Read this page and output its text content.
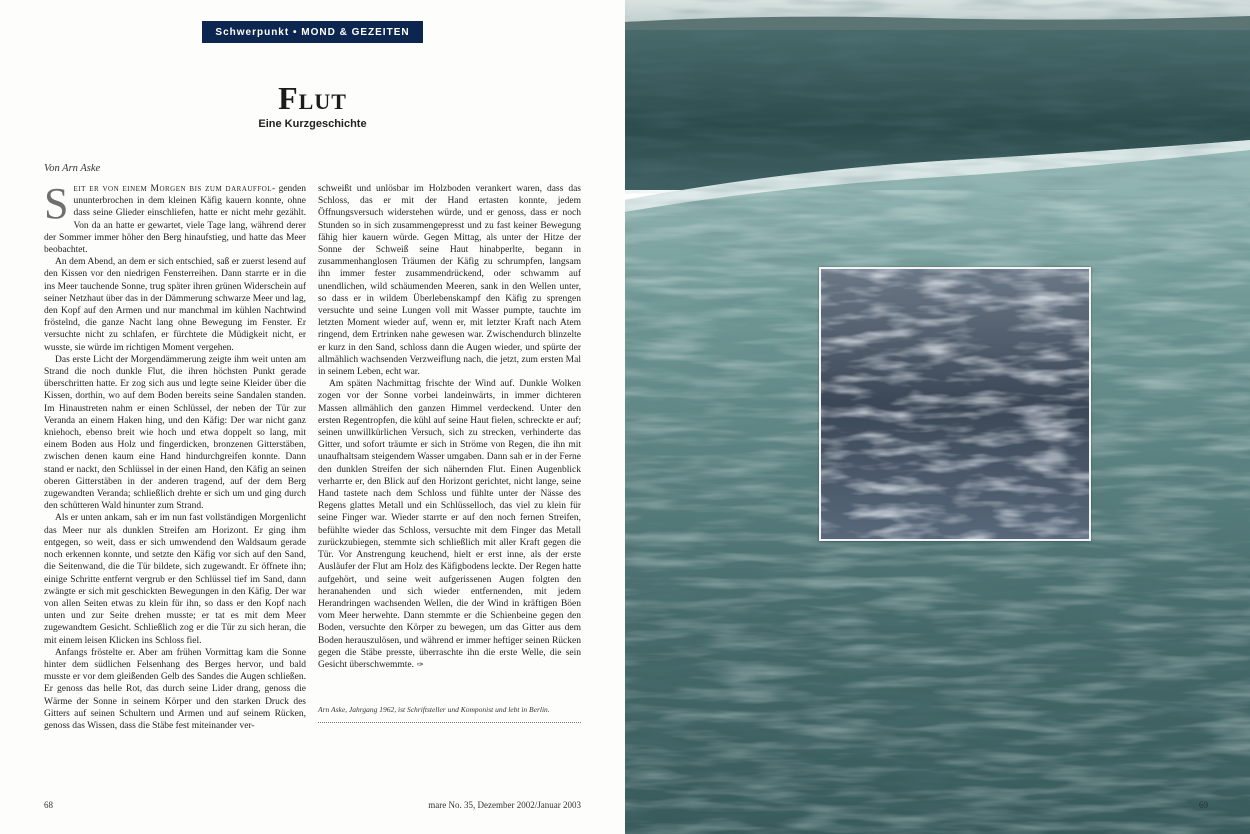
Schwerpunkt • MOND & GEZEITEN
Flut
Eine Kurzgeschichte
Von Arn Aske

Seit er von einem Morgen bis zum darauffol- genden ununterbrochen in dem kleinen Käfig kauern konnte, ohne dass seine Glieder einschliefen, hatte er nicht mehr gezählt. Von da an hatte er gewartet, viele Tage lang, während derer der Sommer immer höher den Berg hinaufstieg, und hatte das Meer beobachtet.

An dem Abend, an dem er sich entschied, saß er zuerst lesend auf den Kissen vor den niedrigen Fensterreihen. Dann starrte er in die ins Meer tauchende Sonne, trug später ihren grünen Widerschein auf seiner Netzhaut über das in der Dämmerung schwarze Meer und lag, den Kopf auf den Armen und nur manchmal im kühlen Nachtwind fröstelnd, die ganze Nacht lang ohne Bewegung im Fenster. Er versuchte nicht zu schlafen, er fürchtete die Müdigkeit nicht, er wusste, sie würde im richtigen Moment vergehen.

Das erste Licht der Morgendämmerung zeigte ihm weit unten am Strand die noch dunkle Flut, die ihren höchsten Punkt gerade überschritten hatte. Er zog sich aus und legte seine Kleider über die Kissen, dorthin, wo auf dem Boden bereits seine Sandalen standen. Im Hinaustreten nahm er einen Schlüssel, der neben der Tür zur Veranda an einem Haken hing, und den Käfig: Der war nicht ganz kniehoch, ebenso breit wie hoch und etwa doppelt so lang, mit einem Boden aus Holz und fingerdicken, bronzenen Gitterstäben, zwischen denen kaum eine Hand hindurchgreifen konnte. Dann stand er nackt, den Schlüssel in der einen Hand, den Käfig an seinen oberen Gitterstäben in der anderen tragend, auf der dem Berg zugewandten Veranda; schließlich drehte er sich um und ging durch den schütteren Wald hinunter zum Strand.

Als er unten ankam, sah er im nun fast vollständigen Morgenlicht das Meer nur als dunklen Streifen am Horizont. Er ging ihm entgegen, so weit, dass er sich umwendend den Waldsaum gerade noch erkennen konnte, und setzte den Käfig vor sich auf den Sand, die Seitenwand, die die Tür bildete, sich zugewandt. Er öffnete ihn; einige Schritte entfernt vergrub er den Schlüssel tief im Sand, dann zwängte er sich mit geschickten Bewegungen in den Käfig. Der war von allen Seiten etwas zu klein für ihn, so dass er den Kopf nach unten und zur Seite drehen musste; er tat es mit dem Meer zugewandtem Gesicht. Schließlich zog er die Tür zu sich heran, die mit einem leisen Klicken ins Schloss fiel.

Anfangs fröstelte er. Aber am frühen Vormittag kam die Sonne hinter dem südlichen Felsenhang des Berges hervor, und bald musste er vor dem gleißenden Gelb des Sandes die Augen schließen. Er genoss das helle Rot, das durch seine Lider drang, genoss die Wärme der Sonne in seinem Körper und den starken Druck des Gitters auf seinen Schultern und Armen und auf seinem Rücken, genoss das Wissen, dass die Stäbe fest miteinander ver-

schweißt und unlösbar im Holzboden verankert waren, dass das Schloss, das er mit der Hand ertasten konnte, jedem Öffnungsversuch widerstehen würde, und er genoss, dass er noch Stunden so in sich zusammengepresst und zu fast keiner Bewegung fähig hier kauern würde. Gegen Mittag, als unter der Hitze der Sonne der Schweiß seine Haut hinabperlte, begann in zusammenhanglosen Träumen der Käfig zu schrumpfen, langsam ihn immer fester zusammendrückend, oder schwamm auf unendlichen, wild schäumenden Meeren, sank in den Wellen unter, so dass er in wildem Überlebenskampf den Käfig zu sprengen versuchte und seine Lungen voll mit Wasser pumpte, tauchte im letzten Moment wieder auf, wenn er, mit letzter Kraft nach Atem ringend, dem Ertrinken nahe gewesen war. Zwischendurch blinzelte er kurz in den Sand, schloss dann die Augen wieder, und spürte der allmählich wachsenden Verzweiflung nach, die jetzt, zum ersten Mal in seinem Leben, echt war.

Am späten Nachmittag frischte der Wind auf. Dunkle Wolken zogen vor der Sonne vorbei landeinwärts, in immer dichteren Massen allmählich den ganzen Himmel verdeckend. Unter den ersten Regentropfen, die kühl auf seine Haut fielen, schreckte er auf; seinen unwillkürlichen Versuch, sich zu strecken, verhinderte das Gitter, und sofort träumte er sich in Ströme von Regen, die ihn mit unaufhaltsam steigendem Wasser umgaben. Dann sah er in der Ferne den dunklen Streifen der sich nähernden Flut. Einen Augenblick verharrte er, den Blick auf den Horizont gerichtet, nicht lange, seine Hand tastete nach dem Schloss und fühlte unter der Nässe des Regens glattes Metall und ein Schlüsselloch, das viel zu klein für seine Finger war. Wieder starrte er auf den noch fernen Streifen, befühlte wieder das Schloss, versuchte mit dem Finger das Metall zurückzubiegen, stemmte sich schließlich mit aller Kraft gegen die Tür. Vor Anstrengung keuchend, hielt er erst inne, als der erste Ausläufer der Flut am Holz des Käfigbodens leckte. Der Regen hatte aufgehört, und seine weit aufgerissenen Augen folgten den heranahenden und sich wieder entfernenden, mit jedem Herandringen wachsenden Wellen, die der Wind in kräftigen Böen vom Meer herwehte. Dann stemmte er die Schienbeine gegen den Boden, versuchte den Körper zu bewegen, um das Gitter aus dem Boden herauszulösen, und während er immer heftiger seinen Rücken gegen die Stäbe presste, überraschte ihn die erste Welle, die sein Gesicht überschwemmte. ✑

Arn Aske, Jahrgang 1962, ist Schriftsteller und Komponist und lebt in Berlin.
68	mare No. 35, Dezember 2002/Januar 2003	69
